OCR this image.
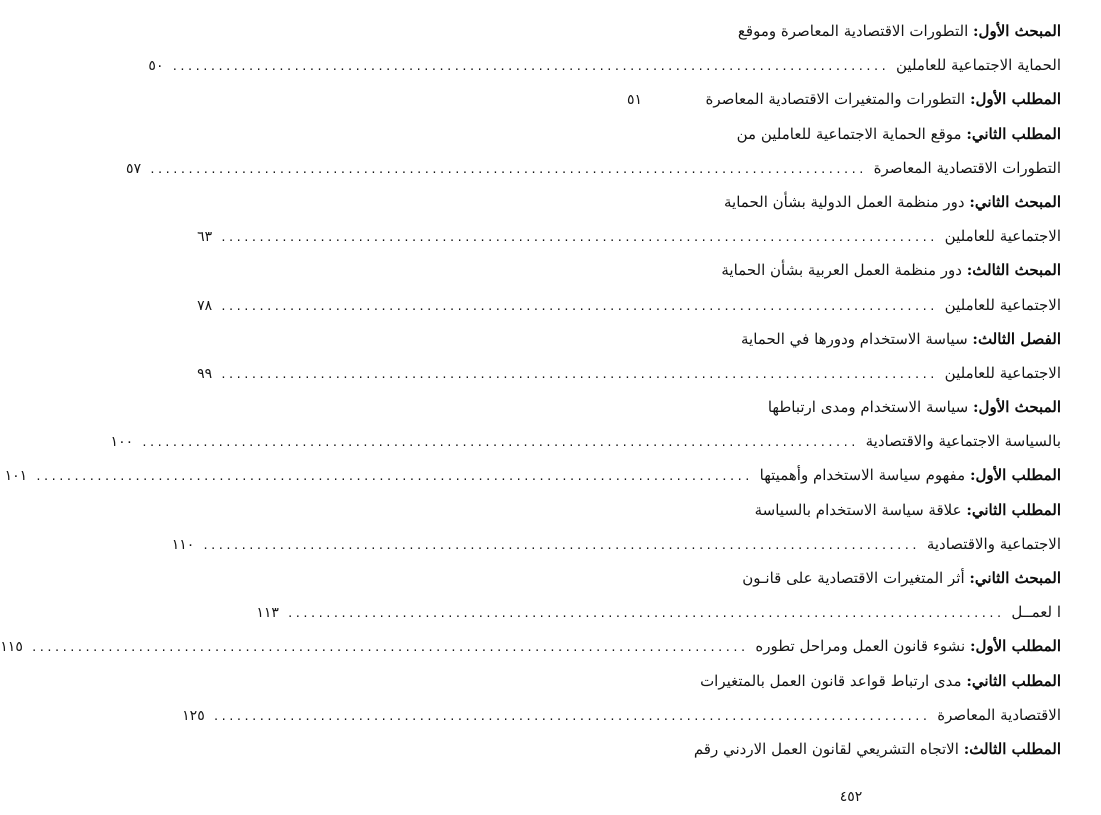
المبحث الأول: التطورات الاقتصادية المعاصرة وموقع
الحماية الاجتماعية للعاملين
..............................................................................................
٥٠
المطلب الأول: التطورات والمتغيرات الاقتصادية المعاصرة
٥١
المطلب الثاني: موقع الحماية الاجتماعية للعاملين من
التطورات الاقتصادية المعاصرة
..............................................................................................
٥٧
المبحث الثاني: دور منظمة العمل الدولية بشأن الحماية
الاجتماعية للعاملين
..............................................................................................
٦٣
المبحث الثالث: دور منظمة العمل العربية بشأن الحماية
الاجتماعية للعاملين
..............................................................................................
٧٨
الفصل الثالث: سياسة الاستخدام ودورها في الحماية
الاجتماعية للعاملين
..............................................................................................
٩٩
المبحث الأول: سياسة الاستخدام ومدى ارتباطها
بالسياسة الاجتماعية والاقتصادية
..............................................................................................
١٠٠
المطلب الأول: مفهوم سياسة الاستخدام وأهميتها
..............................................................................................
١٠١
المطلب الثاني: علاقة سياسة الاستخدام بالسياسة
الاجتماعية والاقتصادية
..............................................................................................
١١٠
المبحث الثاني: أثر المتغيرات الاقتصادية على قانـون
ا لعمــل
..............................................................................................
١١٣
المطلب الأول: نشوء قانون العمل ومراحل تطوره
..............................................................................................
١١٥
المطلب الثاني: مدى ارتباط قواعد قانون العمل بالمتغيرات
الاقتصادية المعاصرة
..............................................................................................
١٢٥
المطلب الثالث: الاتجاه التشريعي لقانون العمل الاردني رقم
٤٥٢
